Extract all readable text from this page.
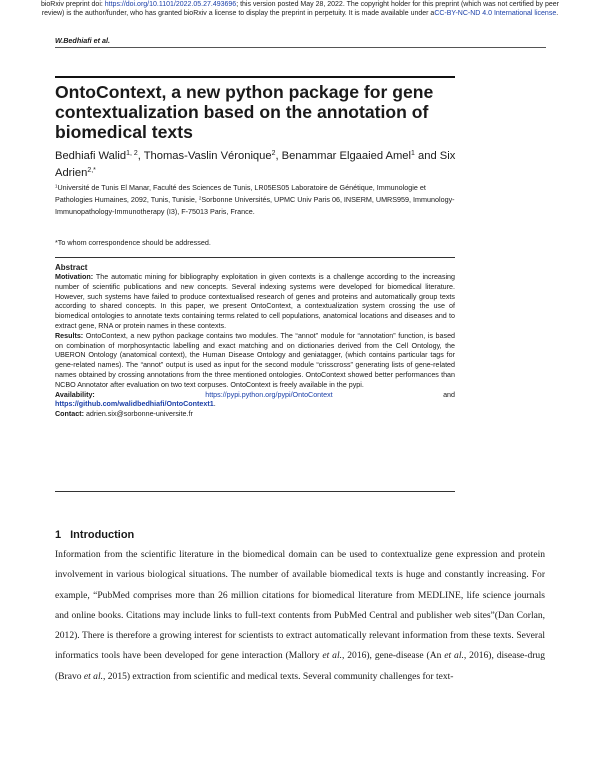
bioRxiv preprint doi: https://doi.org/10.1101/2022.05.27.493696; this version posted May 28, 2022. The copyright holder for this preprint (which was not certified by peer review) is the author/funder, who has granted bioRxiv a license to display the preprint in perpetuity. It is made available under aCC-BY-NC-ND 4.0 International license.
W.Bedhiafi et al.
OntoContext, a new python package for gene contextualization based on the annotation of biomedical texts
Bedhiafi Walid$^{1, 2}$, Thomas-Vaslin Véronique$^2$, Benammar Elgaaied Amel$^1$ and Six Adrien$^{2,*}$
$^1$Université de Tunis El Manar, Faculté des Sciences de Tunis, LR05ES05 Laboratoire de Génétique, Immunologie et Pathologies Humaines, 2092, Tunis, Tunisie, $^2$Sorbonne Universités, UPMC Univ Paris 06, INSERM, UMRS959, Immunology-Immunopathology-Immunotherapy (I3), F-75013 Paris, France.
*To whom correspondence should be addressed.
Abstract
Motivation: The automatic mining for bibliography exploitation in given contexts is a challenge according to the increasing number of scientific publications and new concepts. Several indexing systems were developed for biomedical literature. However, such systems have failed to produce contextualised research of genes and proteins and automatically group texts according to shared concepts. In this paper, we present OntoContext, a contextualization system crossing the use of biomedical ontologies to annotate texts containing terms related to cell populations, anatomical locations and diseases and to extract gene, RNA or protein names in these contexts.
Results: OntoContext, a new python package contains two modules. The “annot” module for “annotation” function, is based on combination of morphosyntactic labelling and exact matching and on dictionaries derived from the Cell Ontology, the UBERON Ontology (anatomical context), the Human Disease Ontology and geniatagger, (which contains particular tags for gene-related names). The “annot” output is used as input for the second module “crisscross” generating lists of gene-related names obtained by crossing annotations from the three mentioned ontologies. OntoContext showed better performances than NCBO Annotator after evaluation on two text corpuses. OntoContext is freely available in the pypi.
Availability:	https://pypi.python.org/pypi/OntoContext	and
https://github.com/walidbedhiafi/OntoContext1.
Contact: adrien.six@sorbonne-universite.fr
1 Introduction
Information from the scientific literature in the biomedical domain can be used to contextualize gene expression and protein involvement in various biological situations. The number of available biomedical texts is huge and constantly increasing. For example, “PubMed comprises more than 26 million citations for biomedical literature from MEDLINE, life science journals and online books. Citations may include links to full-text contents from PubMed Central and publisher web sites”(Dan Corlan, 2012). There is therefore a growing interest for scientists to extract automatically relevant information from these texts. Several informatics tools have been developed for gene interaction (Mallory et al., 2016), gene-disease (An et al., 2016), disease-drug (Bravo et al., 2015) extraction from scientific and medical texts. Several community challenges for text-
